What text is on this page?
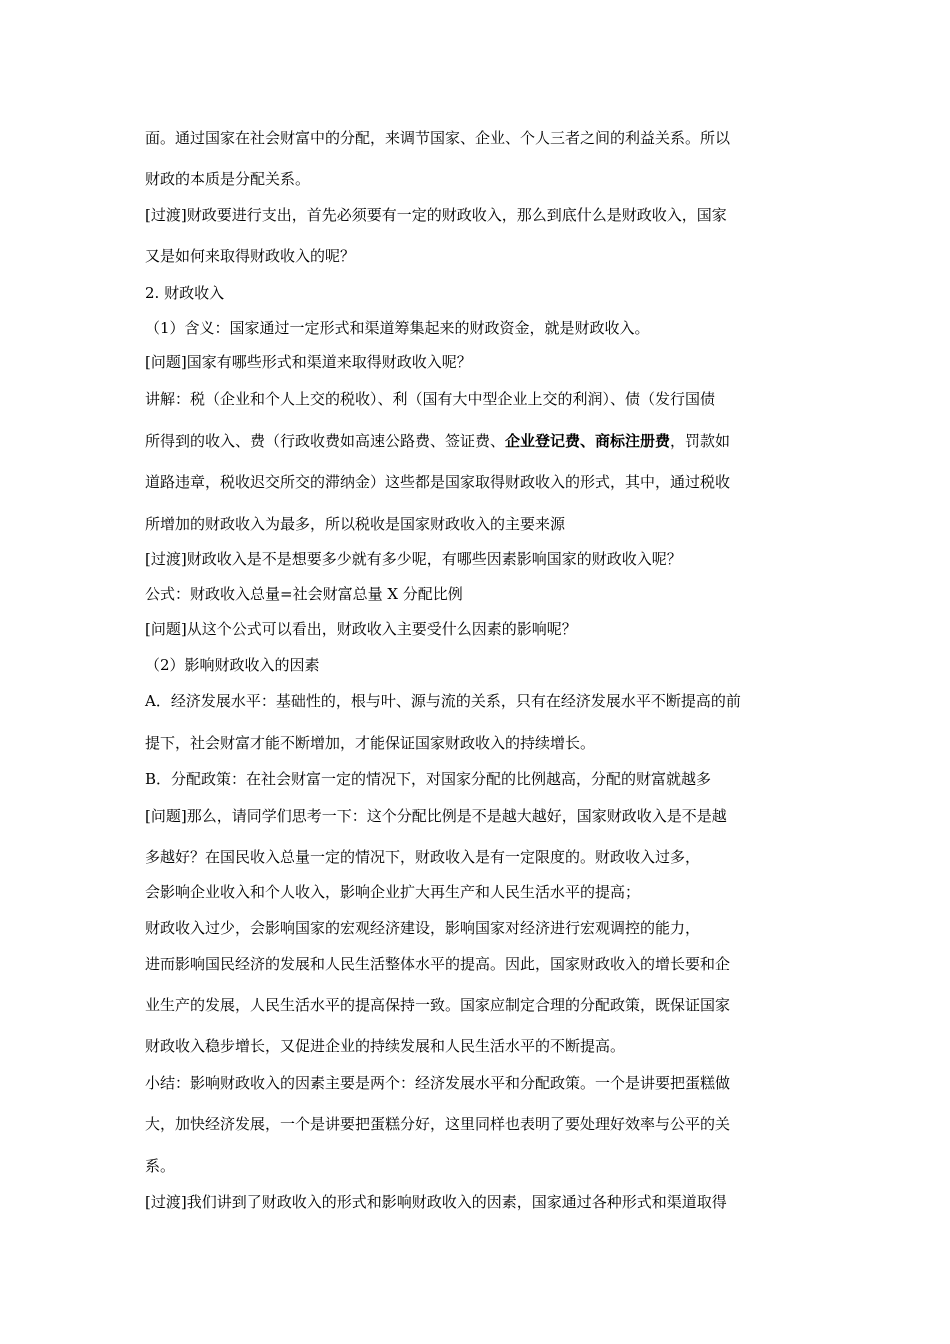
面。通过国家在社会财富中的分配，来调节国家、企业、个人三者之间的利益关系。所以
财政的本质是分配关系。
[过渡]财政要进行支出，首先必须要有一定的财政收入，那么到底什么是财政收入，国家
又是如何来取得财政收入的呢？
2. 财政收入
（1）含义：国家通过一定形式和渠道筹集起来的财政资金，就是财政收入。
[问题]国家有哪些形式和渠道来取得财政收入呢？
讲解：税（企业和个人上交的税收）、利（国有大中型企业上交的利润）、债（发行国债
所得到的收入、费（行政收费如高速公路费、签证费、企业登记费、商标注册费，罚款如
道路违章，税收迟交所交的滞纳金）这些都是国家取得财政收入的形式，其中，通过税收
所增加的财政收入为最多，所以税收是国家财政收入的主要来源
[过渡]财政收入是不是想要多少就有多少呢，有哪些因素影响国家的财政收入呢？
公式：财政收入总量=社会财富总量 X 分配比例
[问题]从这个公式可以看出，财政收入主要受什么因素的影响呢？
（2）影响财政收入的因素
A．经济发展水平：基础性的，根与叶、源与流的关系，只有在经济发展水平不断提高的前
提下，社会财富才能不断增加，才能保证国家财政收入的持续增长。
B．分配政策：在社会财富一定的情况下，对国家分配的比例越高，分配的财富就越多
[问题]那么，请同学们思考一下：这个分配比例是不是越大越好，国家财政收入是不是越
多越好？在国民收入总量一定的情况下，财政收入是有一定限度的。财政收入过多，
会影响企业收入和个人收入，影响企业扩大再生产和人民生活水平的提高；
财政收入过少，会影响国家的宏观经济建设，影响国家对经济进行宏观调控的能力，
进而影响国民经济的发展和人民生活整体水平的提高。因此，国家财政收入的增长要和企
业生产的发展，人民生活水平的提高保持一致。国家应制定合理的分配政策，既保证国家
财政收入稳步增长，又促进企业的持续发展和人民生活水平的不断提高。
小结：影响财政收入的因素主要是两个：经济发展水平和分配政策。一个是讲要把蛋糕做
大，加快经济发展，一个是讲要把蛋糕分好，这里同样也表明了要处理好效率与公平的关
系。
[过渡]我们讲到了财政收入的形式和影响财政收入的因素，国家通过各种形式和渠道取得
